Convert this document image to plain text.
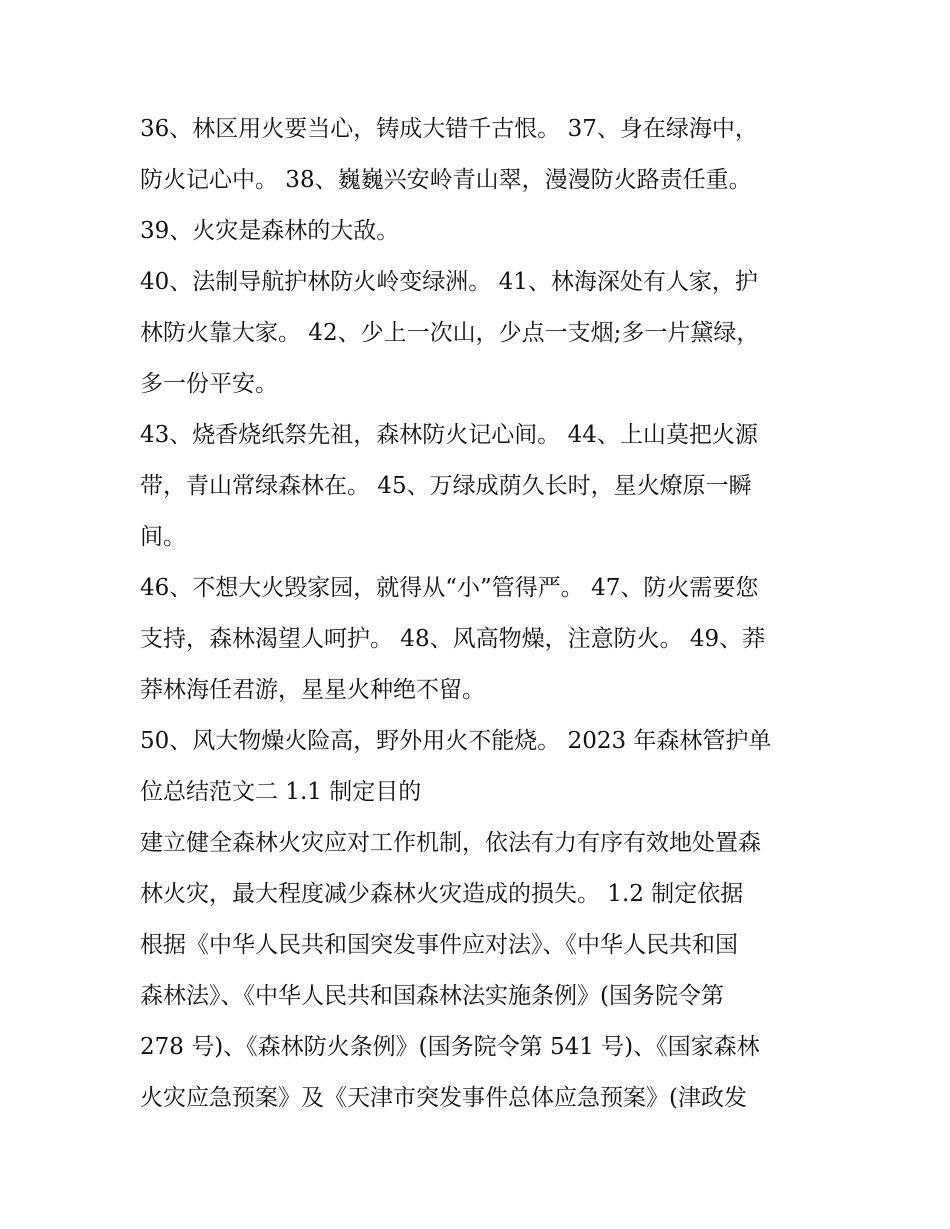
36、林区用火要当心，铸成大错千古恨。 37、身在绿海中，
防火记心中。 38、巍巍兴安岭青山翠，漫漫防火路责任重。
39、火灾是森林的大敌。
40、法制导航护林防火岭变绿洲。 41、林海深处有人家，护
林防火靠大家。 42、少上一次山，少点一支烟;多一片黛绿，
多一份平安。
43、烧香烧纸祭先祖，森林防火记心间。 44、上山莫把火源
带，青山常绿森林在。 45、万绿成荫久长时，星火燎原一瞬
间。
46、不想大火毁家园，就得从“小”管得严。 47、防火需要您
支持，森林渴望人呵护。 48、风高物燥，注意防火。 49、莽
莽林海任君游，星星火种绝不留。
50、风大物燥火险高，野外用火不能烧。 2023 年森林管护单
位总结范文二 1.1 制定目的
建立健全森林火灾应对工作机制，依法有力有序有效地处置森
林火灾，最大程度减少森林火灾造成的损失。 1.2 制定依据
根据《中华人民共和国突发事件应对法》、《中华人民共和国
森林法》、《中华人民共和国森林法实施条例》(国务院令第
278 号)、《森林防火条例》(国务院令第 541 号)、《国家森林
火灾应急预案》及《天津市突发事件总体应急预案》(津政发
